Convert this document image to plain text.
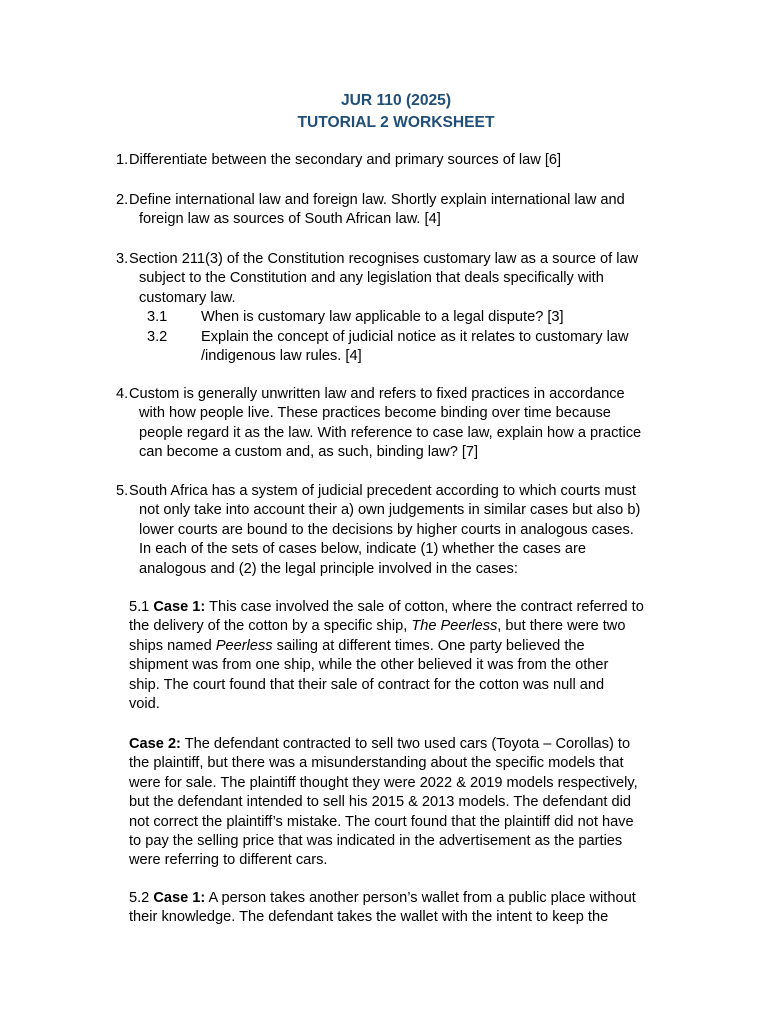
JUR 110 (2025)
TUTORIAL 2 WORKSHEET
1. Differentiate between the secondary and primary sources of law [6]
2. Define international law and foreign law. Shortly explain international law and
foreign law as sources of South African law. [4]
3. Section 211(3) of the Constitution recognises customary law as a source of law
subject to the Constitution and any legislation that deals specifically with
customary law.
3.1 When is customary law applicable to a legal dispute? [3]
3.2 Explain the concept of judicial notice as it relates to customary law
/indigenous law rules. [4]
4. Custom is generally unwritten law and refers to fixed practices in accordance
with how people live. These practices become binding over time because
people regard it as the law. With reference to case law, explain how a practice
can become a custom and, as such, binding law? [7]
5. South Africa has a system of judicial precedent according to which courts must
not only take into account their a) own judgements in similar cases but also b)
lower courts are bound to the decisions by higher courts in analogous cases.
In each of the sets of cases below, indicate (1) whether the cases are
analogous and (2) the legal principle involved in the cases:

5.1 Case 1: This case involved the sale of cotton, where the contract referred to

the delivery of the cotton by a specific ship, The Peerless, but there were two

ships named Peerless sailing at different times. One party believed the

shipment was from one ship, while the other believed it was from the other

ship. The court found that their sale of contract for the cotton was null and

void.

Case 2: The defendant contracted to sell two used cars (Toyota – Corollas) to

the plaintiff, but there was a misunderstanding about the specific models that

were for sale. The plaintiff thought they were 2022 & 2019 models respectively,

but the defendant intended to sell his 2015 & 2013 models. The defendant did

not correct the plaintiff’s mistake. The court found that the plaintiff did not have

to pay the selling price that was indicated in the advertisement as the parties

were referring to different cars.

5.2 Case 1: A person takes another person’s wallet from a public place without

their knowledge. The defendant takes the wallet with the intent to keep the
